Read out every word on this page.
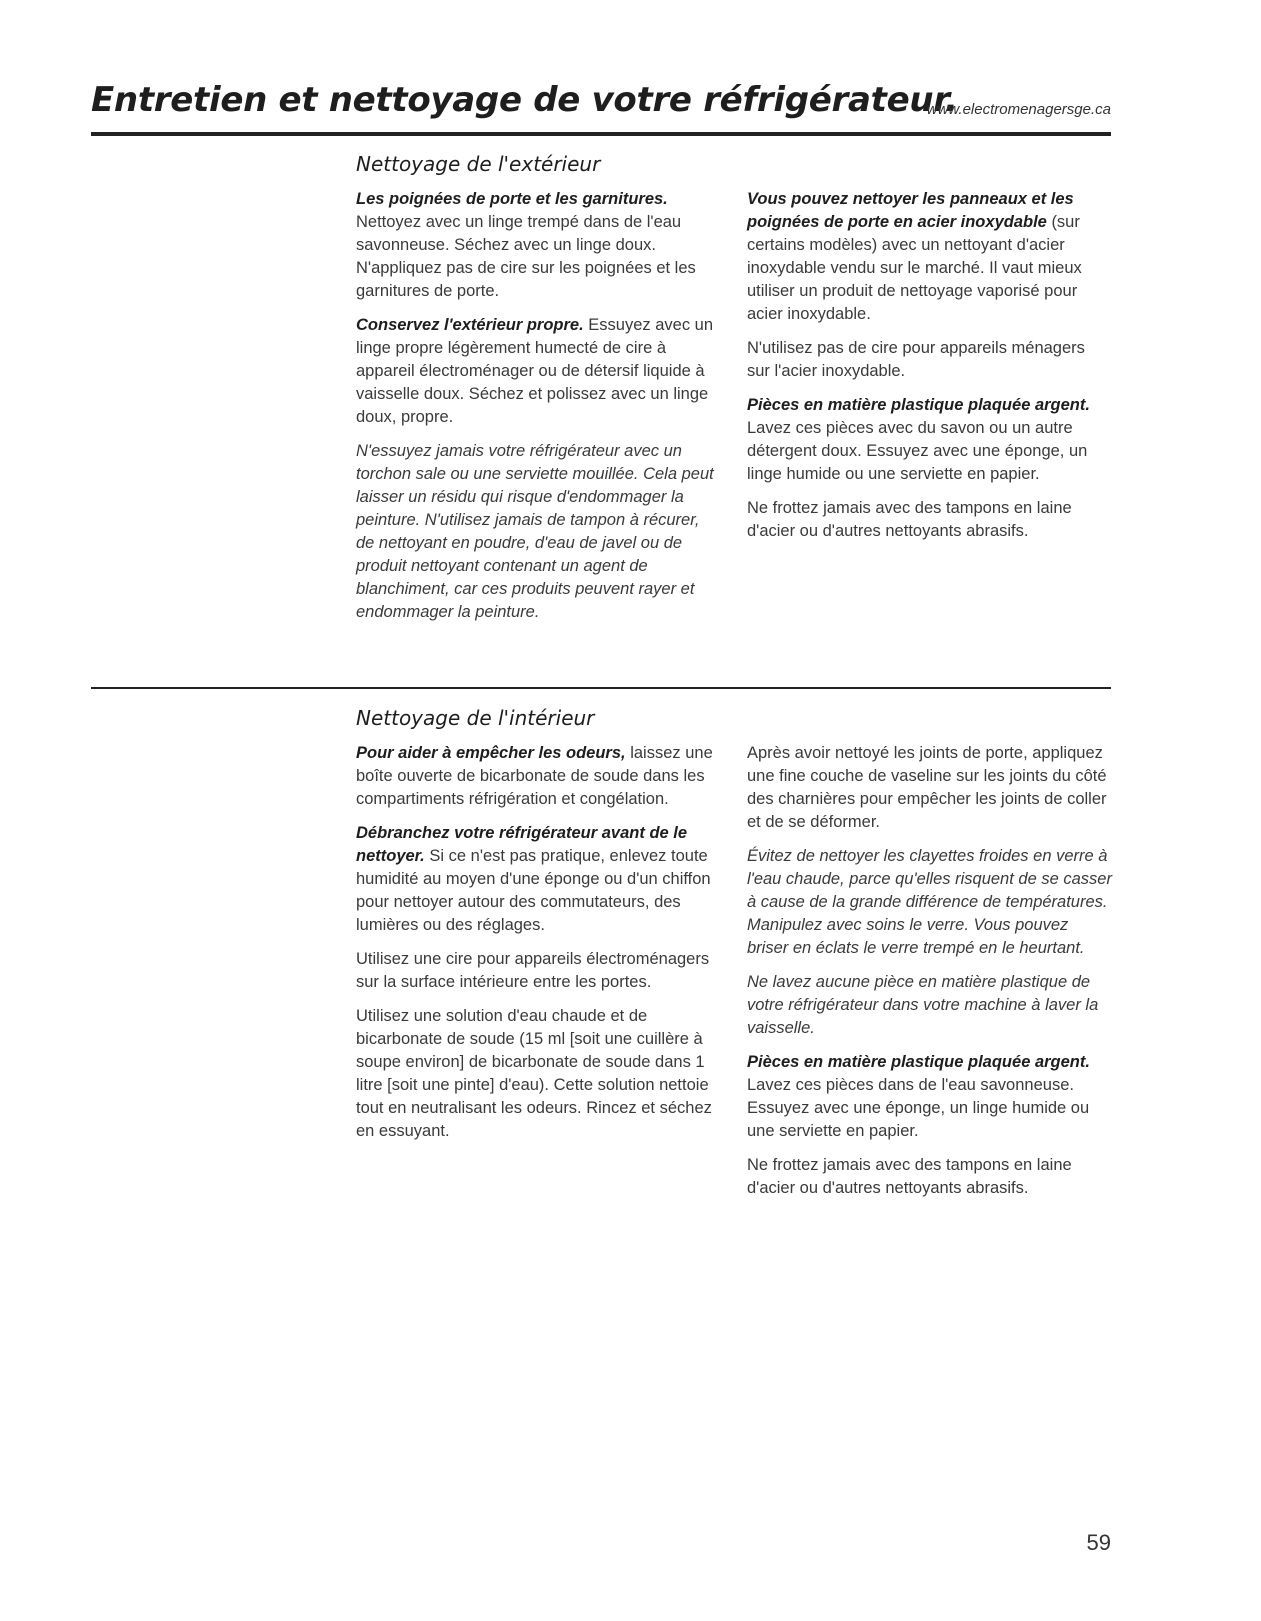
Entretien et nettoyage de votre réfrigérateur.
www.electromenagersge.ca
Nettoyage de l'extérieur

Les poignées de porte et les garnitures.
Nettoyez avec un linge trempé dans de l'eau savonneuse. Séchez avec un linge doux. N'appliquez pas de cire sur les poignées et les garnitures de porte.

Conservez l'extérieur propre. Essuyez avec un linge propre légèrement humecté de cire à appareil électroménager ou de détersif liquide à vaisselle doux. Séchez et polissez avec un linge doux, propre.

N'essuyez jamais votre réfrigérateur avec un torchon sale ou une serviette mouillée. Cela peut laisser un résidu qui risque d'endommager la peinture. N'utilisez jamais de tampon à récurer, de nettoyant en poudre, d'eau de javel ou de produit nettoyant contenant un agent de blanchiment, car ces produits peuvent rayer et endommager la peinture.

Vous pouvez nettoyer les panneaux et les poignées de porte en acier inoxydable (sur certains modèles) avec un nettoyant d'acier inoxydable vendu sur le marché. Il vaut mieux utiliser un produit de nettoyage vaporisé pour acier inoxydable.

N'utilisez pas de cire pour appareils ménagers sur l'acier inoxydable.

Pièces en matière plastique plaquée argent.
Lavez ces pièces avec du savon ou un autre détergent doux. Essuyez avec une éponge, un linge humide ou une serviette en papier.

Ne frottez jamais avec des tampons en laine d'acier ou d'autres nettoyants abrasifs.

Nettoyage de l'intérieur

Pour aider à empêcher les odeurs, laissez une boîte ouverte de bicarbonate de soude dans les compartiments réfrigération et congélation.

Débranchez votre réfrigérateur avant de le nettoyer. Si ce n'est pas pratique, enlevez toute humidité au moyen d'une éponge ou d'un chiffon pour nettoyer autour des commutateurs, des lumières ou des réglages.

Utilisez une cire pour appareils électroménagers sur la surface intérieure entre les portes.

Utilisez une solution d'eau chaude et de bicarbonate de soude (15 ml [soit une cuillère à soupe environ] de bicarbonate de soude dans 1 litre [soit une pinte] d'eau). Cette solution nettoie tout en neutralisant les odeurs. Rincez et séchez en essuyant.

Après avoir nettoyé les joints de porte, appliquez une fine couche de vaseline sur les joints du côté des charnières pour empêcher les joints de coller et de se déformer.

Évitez de nettoyer les clayettes froides en verre à l'eau chaude, parce qu'elles risquent de se casser à cause de la grande différence de températures. Manipulez avec soins le verre. Vous pouvez briser en éclats le verre trempé en le heurtant.

Ne lavez aucune pièce en matière plastique de votre réfrigérateur dans votre machine à laver la vaisselle.

Pièces en matière plastique plaquée argent.
Lavez ces pièces dans de l'eau savonneuse. Essuyez avec une éponge, un linge humide ou une serviette en papier.

Ne frottez jamais avec des tampons en laine d'acier ou d'autres nettoyants abrasifs.

59
